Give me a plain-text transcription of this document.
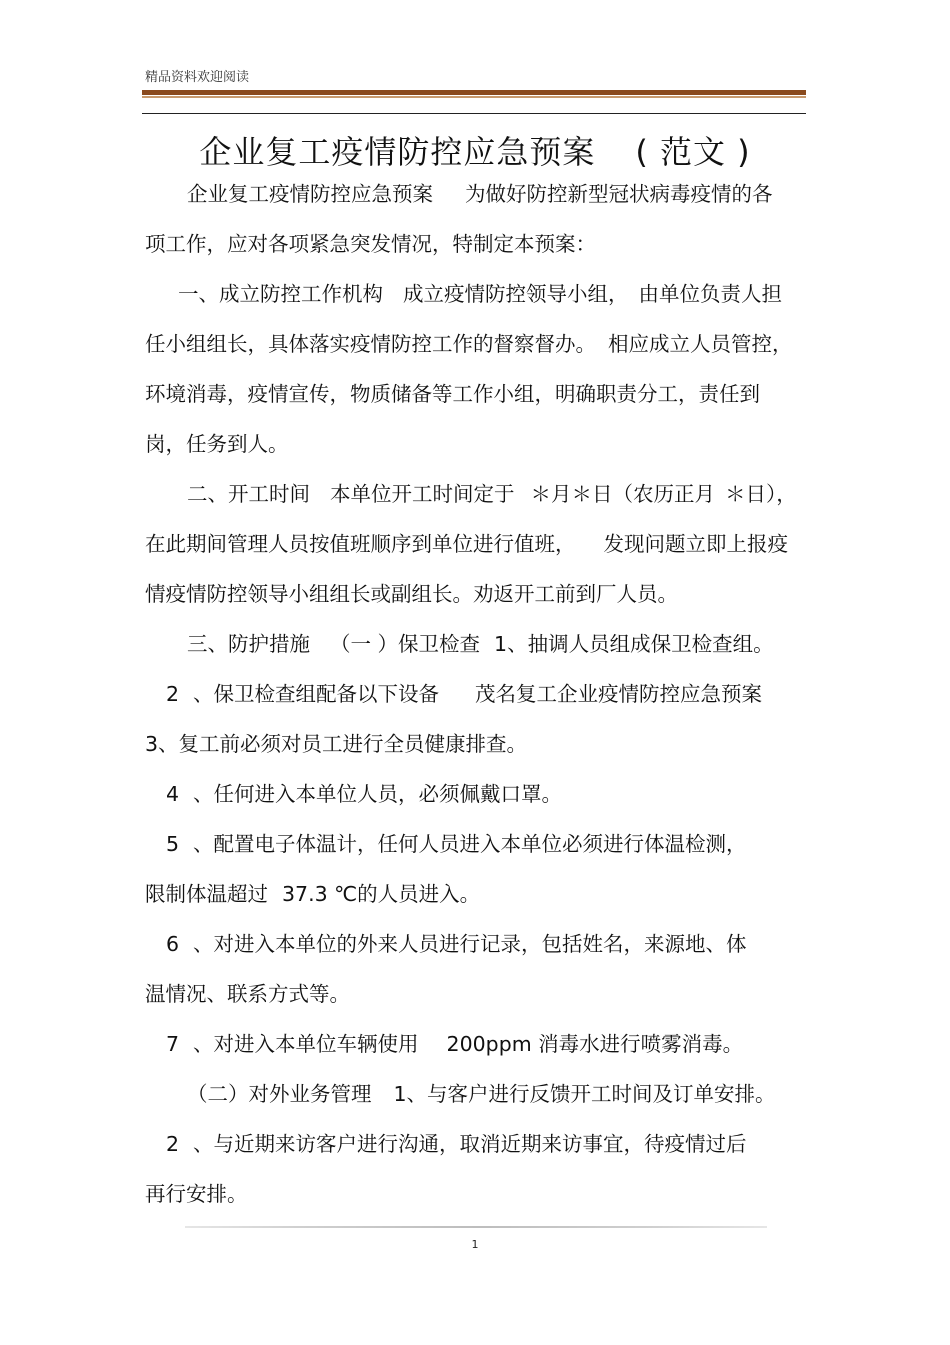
精品资料欢迎阅读
企业复工疫情防控应急预案 ( 范文 )
企业复工疫情防控应急预案 为做好防控新型冠状病毒疫情的各
项工作，应对各项紧急突发情况，特制定本预案：
一、成立防控工作机构 成立疫情防控领导小组， 由单位负责人担
任小组组长，具体落实疫情防控工作的督察督办。 相应成立人员管控，
环境消毒，疫情宣传，物质储备等工作小组，明确职责分工，责任到
岗，任务到人。
二、开工时间 本单位开工时间定于 ＊月＊日（农历正月 ＊日），
在此期间管理人员按值班顺序到单位进行值班， 发现问题立即上报疫
情疫情防控领导小组组长或副组长。劝返开工前到厂人员。
三、防护措施 （一 ）保卫检查 1、抽调人员组成保卫检查组。
2 、保卫检查组配备以下设备 茂名复工企业疫情防控应急预案
3、复工前必须对员工进行全员健康排查。
4 、任何进入本单位人员，必须佩戴口罩。
5 、配置电子体温计，任何人员进入本单位必须进行体温检测，
限制体温超过 37.3 ℃的人员进入。
6 、对进入本单位的外来人员进行记录，包括姓名，来源地、体
温情况、联系方式等。
7 、对进入本单位车辆使用 200ppm 消毒水进行喷雾消毒。
（二）对外业务管理 1、与客户进行反馈开工时间及订单安排。
2 、与近期来访客户进行沟通，取消近期来访事宜，待疫情过后
再行安排。
1
